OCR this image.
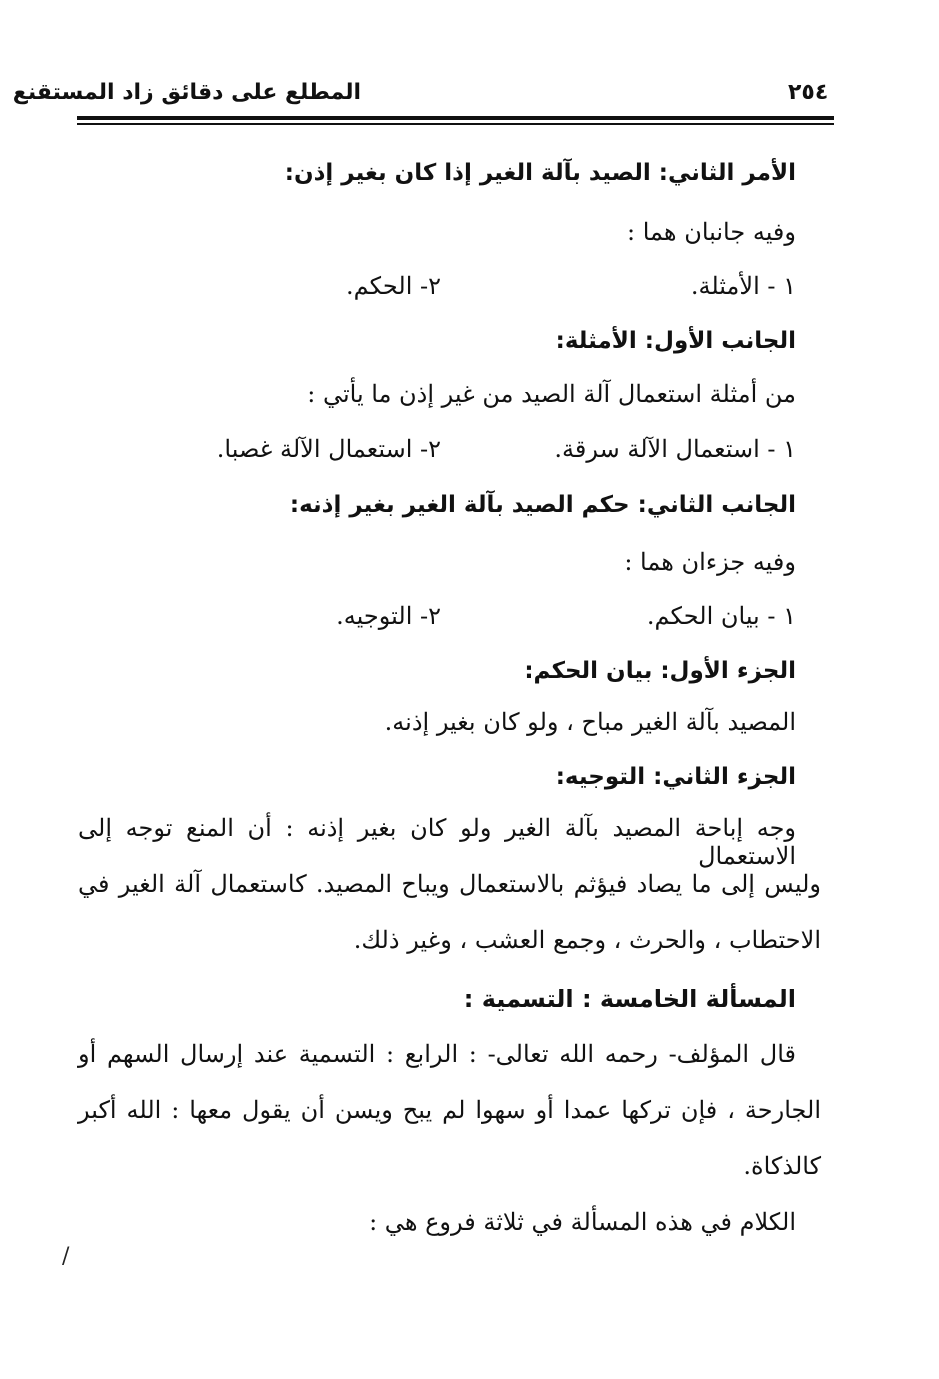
المطلع على دقائق زاد المستقنع	٢٥٤
الأمر الثاني: الصيد بآلة الغير إذا كان بغير إذن:
وفيه جانبان هما :
١ - الأمثلة.
٢- الحكم.
الجانب الأول: الأمثلة:
من أمثلة استعمال آلة الصيد من غير إذن ما يأتي :
١ - استعمال الآلة سرقة.
٢- استعمال الآلة غصبا.
الجانب الثاني: حكم الصيد بآلة الغير بغير إذنه:
وفيه جزءان هما :
١ - بيان الحكم.
٢- التوجيه.
الجزء الأول: بيان الحكم:
المصيد بآلة الغير مباح ، ولو كان بغير إذنه.
الجزء الثاني: التوجيه:
وجه إباحة المصيد بآلة الغير ولو كان بغير إذنه : أن المنع توجه إلى الاستعمال
وليس إلى ما يصاد فيؤثم بالاستعمال ويباح المصيد. كاستعمال آلة الغير في
الاحتطاب ، والحرث ، وجمع العشب ، وغير ذلك.
المسألة الخامسة : التسمية :
قال المؤلف- رحمه الله تعالى- : الرابع : التسمية عند إرسال السهم أو
الجارحة ، فإن تركها عمدا أو سهوا لم يبح ويسن أن يقول معها : الله أكبر
كالذكاة.
الكلام في هذه المسألة في ثلاثة فروع هي :
/
